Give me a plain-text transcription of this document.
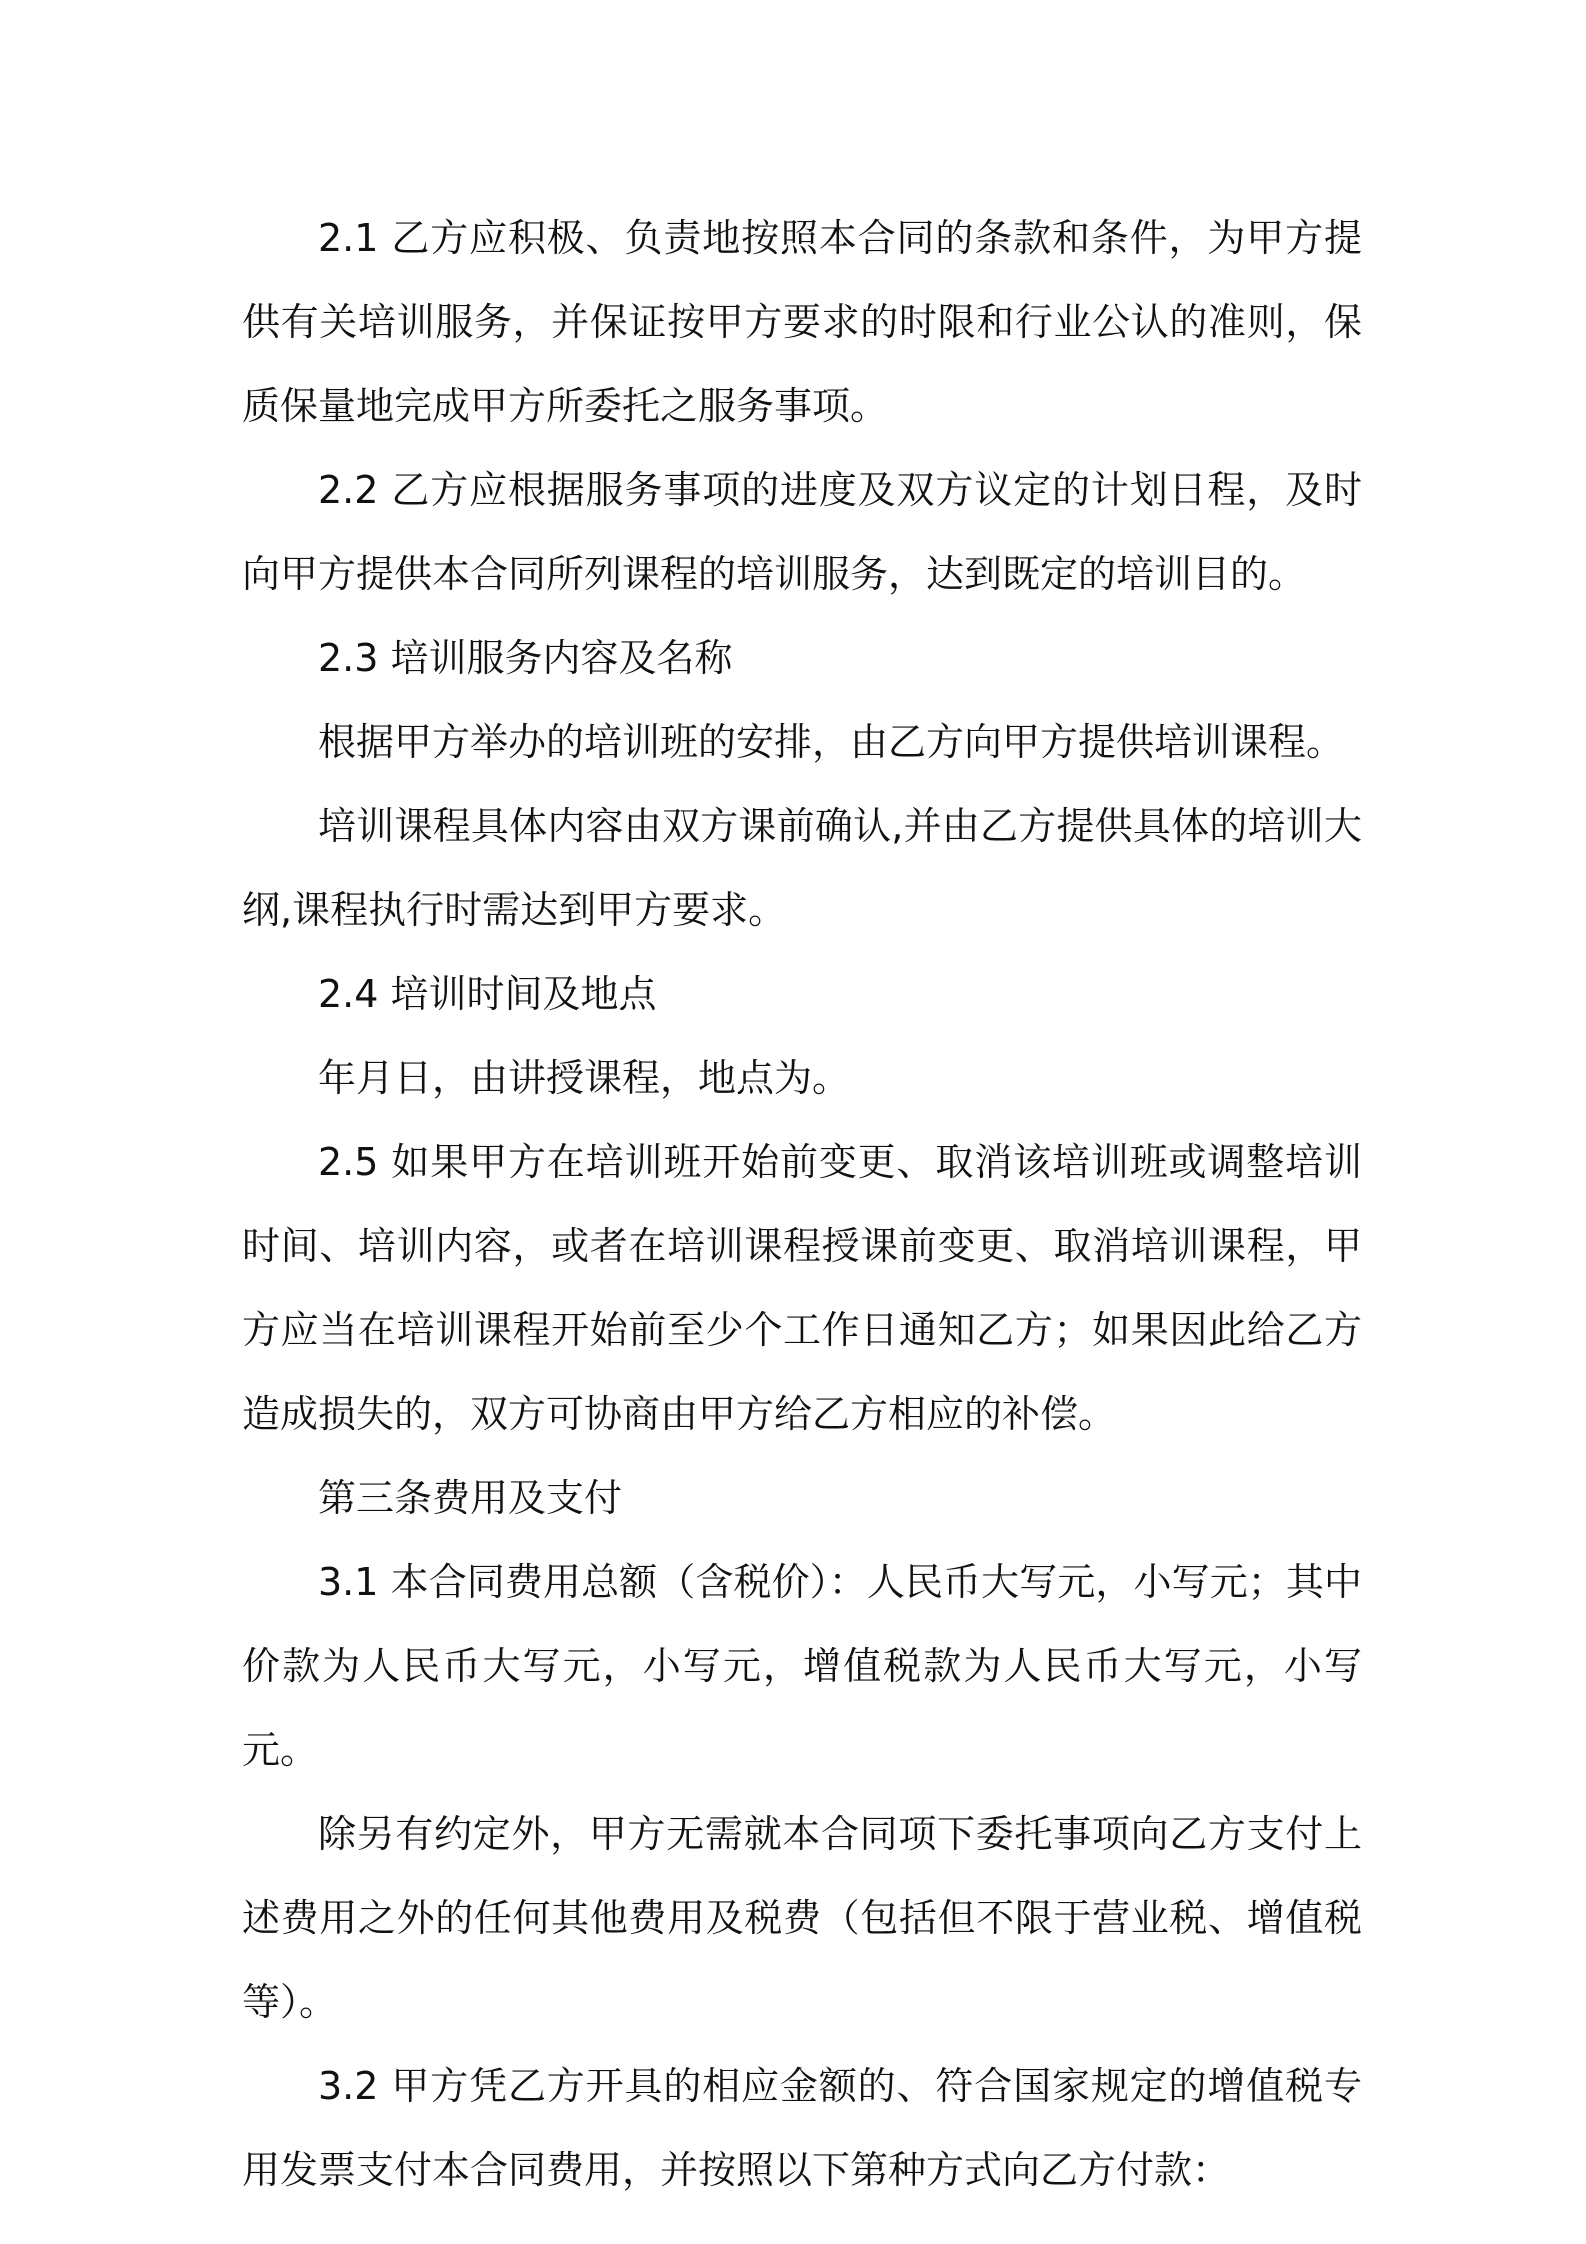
2.1 乙方应积极、负责地按照本合同的条款和条件，为甲方提供有关培训服务，并保证按甲方要求的时限和行业公认的准则，保质保量地完成甲方所委托之服务事项。

2.2 乙方应根据服务事项的进度及双方议定的计划日程，及时向甲方提供本合同所列课程的培训服务，达到既定的培训目的。

2.3 培训服务内容及名称

根据甲方举办的培训班的安排，由乙方向甲方提供培训课程。

培训课程具体内容由双方课前确认,并由乙方提供具体的培训大纲,课程执行时需达到甲方要求。

2.4 培训时间及地点

年月日，由讲授课程，地点为。

2.5 如果甲方在培训班开始前变更、取消该培训班或调整培训时间、培训内容，或者在培训课程授课前变更、取消培训课程，甲方应当在培训课程开始前至少个工作日通知乙方；如果因此给乙方造成损失的，双方可协商由甲方给乙方相应的补偿。

第三条费用及支付

3.1 本合同费用总额（含税价）：人民币大写元，小写元；其中价款为人民币大写元，小写元，增值税款为人民币大写元，小写元。

除另有约定外，甲方无需就本合同项下委托事项向乙方支付上述费用之外的任何其他费用及税费（包括但不限于营业税、增值税等）。

3.2 甲方凭乙方开具的相应金额的、符合国家规定的增值税专用发票支付本合同费用，并按照以下第种方式向乙方付款：
